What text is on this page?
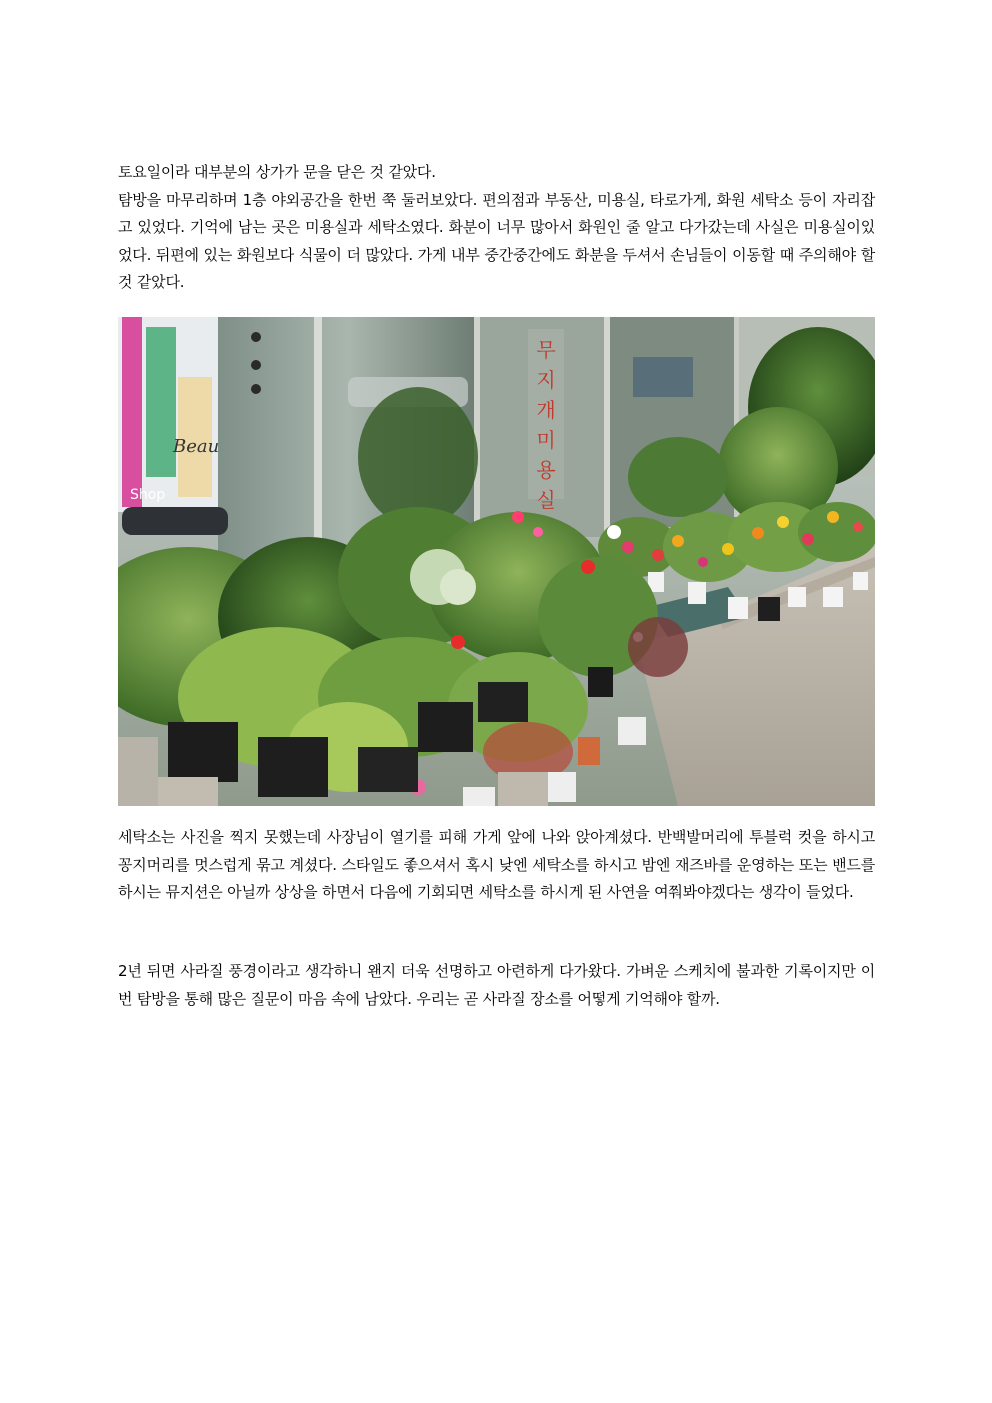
토요일이라 대부분의 상가가 문을 닫은 것 같았다.
탐방을 마무리하며 1층 야외공간을 한번 쭉 둘러보았다. 편의점과 부동산, 미용실, 타로가게, 화원 세탁소 등이 자리잡고 있었다. 기억에 남는 곳은 미용실과 세탁소였다. 화분이 너무 많아서 화원인 줄 알고 다가갔는데 사실은 미용실이있었다. 뒤편에 있는 화원보다 식물이 더 많았다. 가게 내부 중간중간에도 화분을 두셔서 손님들이 이동할 때 주의해야 할 것 같았다.

무
지
개
미
용
실
Beau
Shop

세탁소는 사진을 찍지 못했는데 사장님이 열기를 피해 가게 앞에 나와 앉아계셨다. 반백발머리에 투블럭 컷을 하시고 꽁지머리를 멋스럽게 묶고 계셨다. 스타일도 좋으셔서 혹시 낮엔 세탁소를 하시고 밤엔 재즈바를 운영하는 또는 밴드를 하시는 뮤지션은 아닐까 상상을 하면서 다음에 기회되면 세탁소를 하시게 된 사연을 여쭤봐야겠다는 생각이 들었다.

2년 뒤면 사라질 풍경이라고 생각하니 왠지 더욱 선명하고 아련하게 다가왔다. 가벼운 스케치에 불과한 기록이지만 이번 탐방을 통해 많은 질문이 마음 속에 남았다. 우리는 곧 사라질 장소를 어떻게 기억해야 할까.
